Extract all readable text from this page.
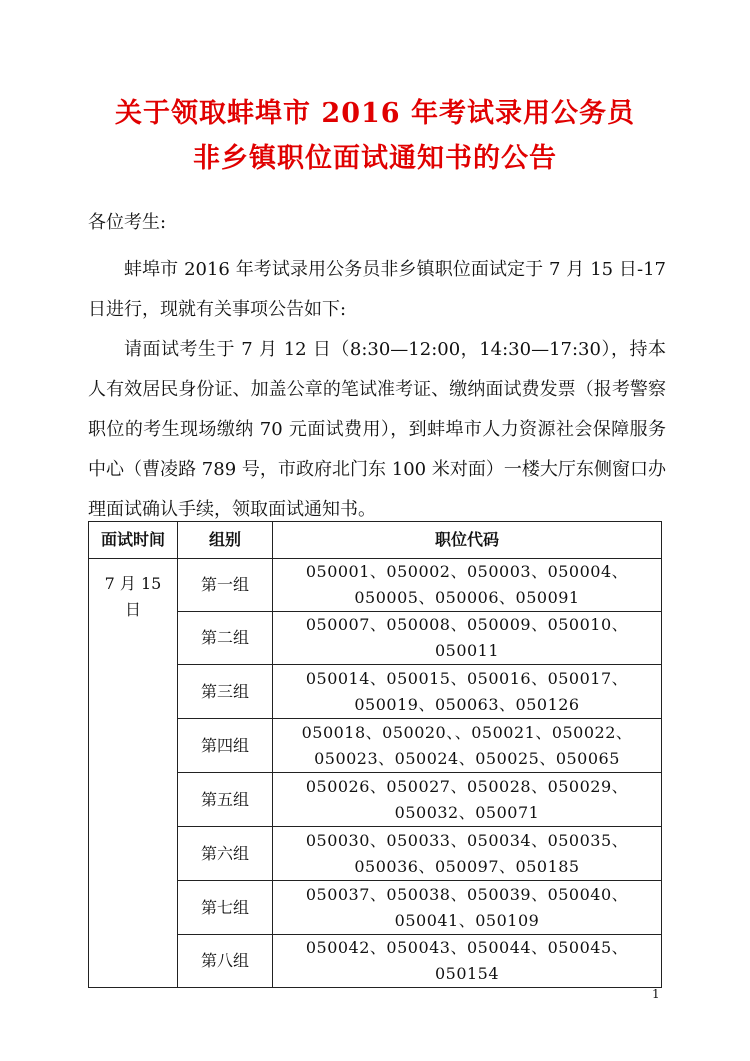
关于领取蚌埠市 2016 年考试录用公务员
非乡镇职位面试通知书的公告
各位考生:
蚌埠市 2016 年考试录用公务员非乡镇职位面试定于 7 月 15 日-17 日进行，现就有关事项公告如下:
请面试考生于 7 月 12 日（8:30—12:00，14:30—17:30），持本人有效居民身份证、加盖公章的笔试准考证、缴纳面试费发票（报考警察职位的考生现场缴纳 70 元面试费用），到蚌埠市人力资源社会保障服务中心（曹凌路 789 号，市政府北门东 100 米对面）一楼大厅东侧窗口办理面试确认手续，领取面试通知书。
面试时间	组别	职位代码
7 月 15 日	第一组	050001、050002、050003、050004、050005、050006、050091
	第二组	050007、050008、050009、050010、050011
	第三组	050014、050015、050016、050017、050019、050063、050126
	第四组	050018、050020、、050021、050022、050023、050024、050025、050065
	第五组	050026、050027、050028、050029、050032、050071
	第六组	050030、050033、050034、050035、050036、050097、050185
	第七组	050037、050038、050039、050040、050041、050109
	第八组	050042、050043、050044、050045、050154
1
